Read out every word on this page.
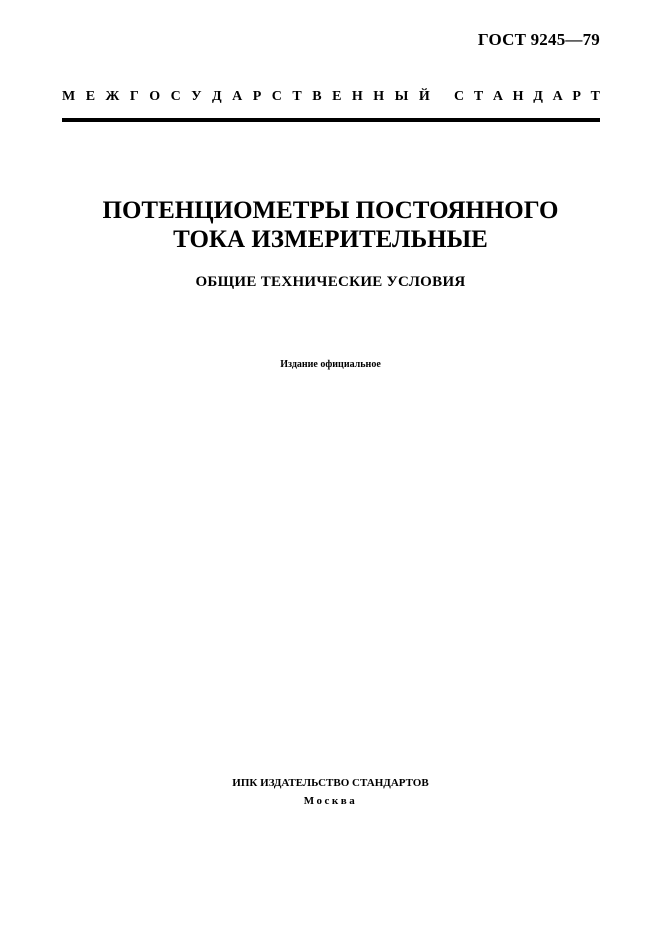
ГОСТ 9245—79
М Е Ж Г О С У Д А Р С Т В Е Н Н Ы Й С Т А Н Д А Р Т
ПОТЕНЦИОМЕТРЫ ПОСТОЯННОГО
ТОКА ИЗМЕРИТЕЛЬНЫЕ
ОБЩИЕ ТЕХНИЧЕСКИЕ УСЛОВИЯ
Издание официальное
ИПК ИЗДАТЕЛЬСТВО СТАНДАРТОВ
Москва
